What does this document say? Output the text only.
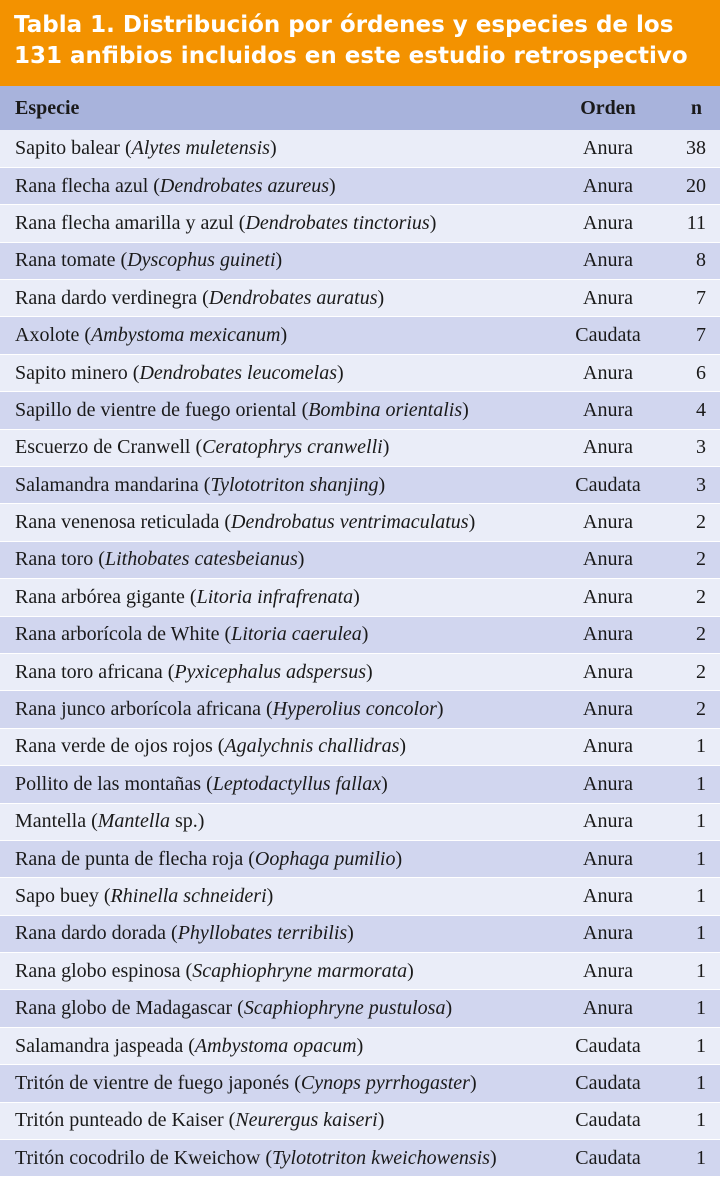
Tabla 1. Distribución por órdenes y especies de los
131 anfibios incluidos en este estudio retrospectivo
Especie	Orden	n
Sapito balear (Alytes muletensis)	Anura	38
Rana flecha azul (Dendrobates azureus)	Anura	20
Rana flecha amarilla y azul (Dendrobates tinctorius)	Anura	11
Rana tomate (Dyscophus guineti)	Anura	8
Rana dardo verdinegra (Dendrobates auratus)	Anura	7
Axolote (Ambystoma mexicanum)	Caudata	7
Sapito minero (Dendrobates leucomelas)	Anura	6
Sapillo de vientre de fuego oriental (Bombina orientalis)	Anura	4
Escuerzo de Cranwell (Ceratophrys cranwelli)	Anura	3
Salamandra mandarina (Tylototriton shanjing)	Caudata	3
Rana venenosa reticulada (Dendrobatus ventrimaculatus)	Anura	2
Rana toro (Lithobates catesbeianus)	Anura	2
Rana arbórea gigante (Litoria infrafrenata)	Anura	2
Rana arborícola de White (Litoria caerulea)	Anura	2
Rana toro africana (Pyxicephalus adspersus)	Anura	2
Rana junco arborícola africana (Hyperolius concolor)	Anura	2
Rana verde de ojos rojos (Agalychnis challidras)	Anura	1
Pollito de las montañas (Leptodactyllus fallax)	Anura	1
Mantella (Mantella sp.)	Anura	1
Rana de punta de flecha roja (Oophaga pumilio)	Anura	1
Sapo buey (Rhinella schneideri)	Anura	1
Rana dardo dorada (Phyllobates terribilis)	Anura	1
Rana globo espinosa (Scaphiophryne marmorata)	Anura	1
Rana globo de Madagascar (Scaphiophryne pustulosa)	Anura	1
Salamandra jaspeada (Ambystoma opacum)	Caudata	1
Tritón de vientre de fuego japonés (Cynops pyrrhogaster)	Caudata	1
Tritón punteado de Kaiser (Neurergus kaiseri)	Caudata	1
Tritón cocodrilo de Kweichow (Tylototriton kweichowensis)	Caudata	1
